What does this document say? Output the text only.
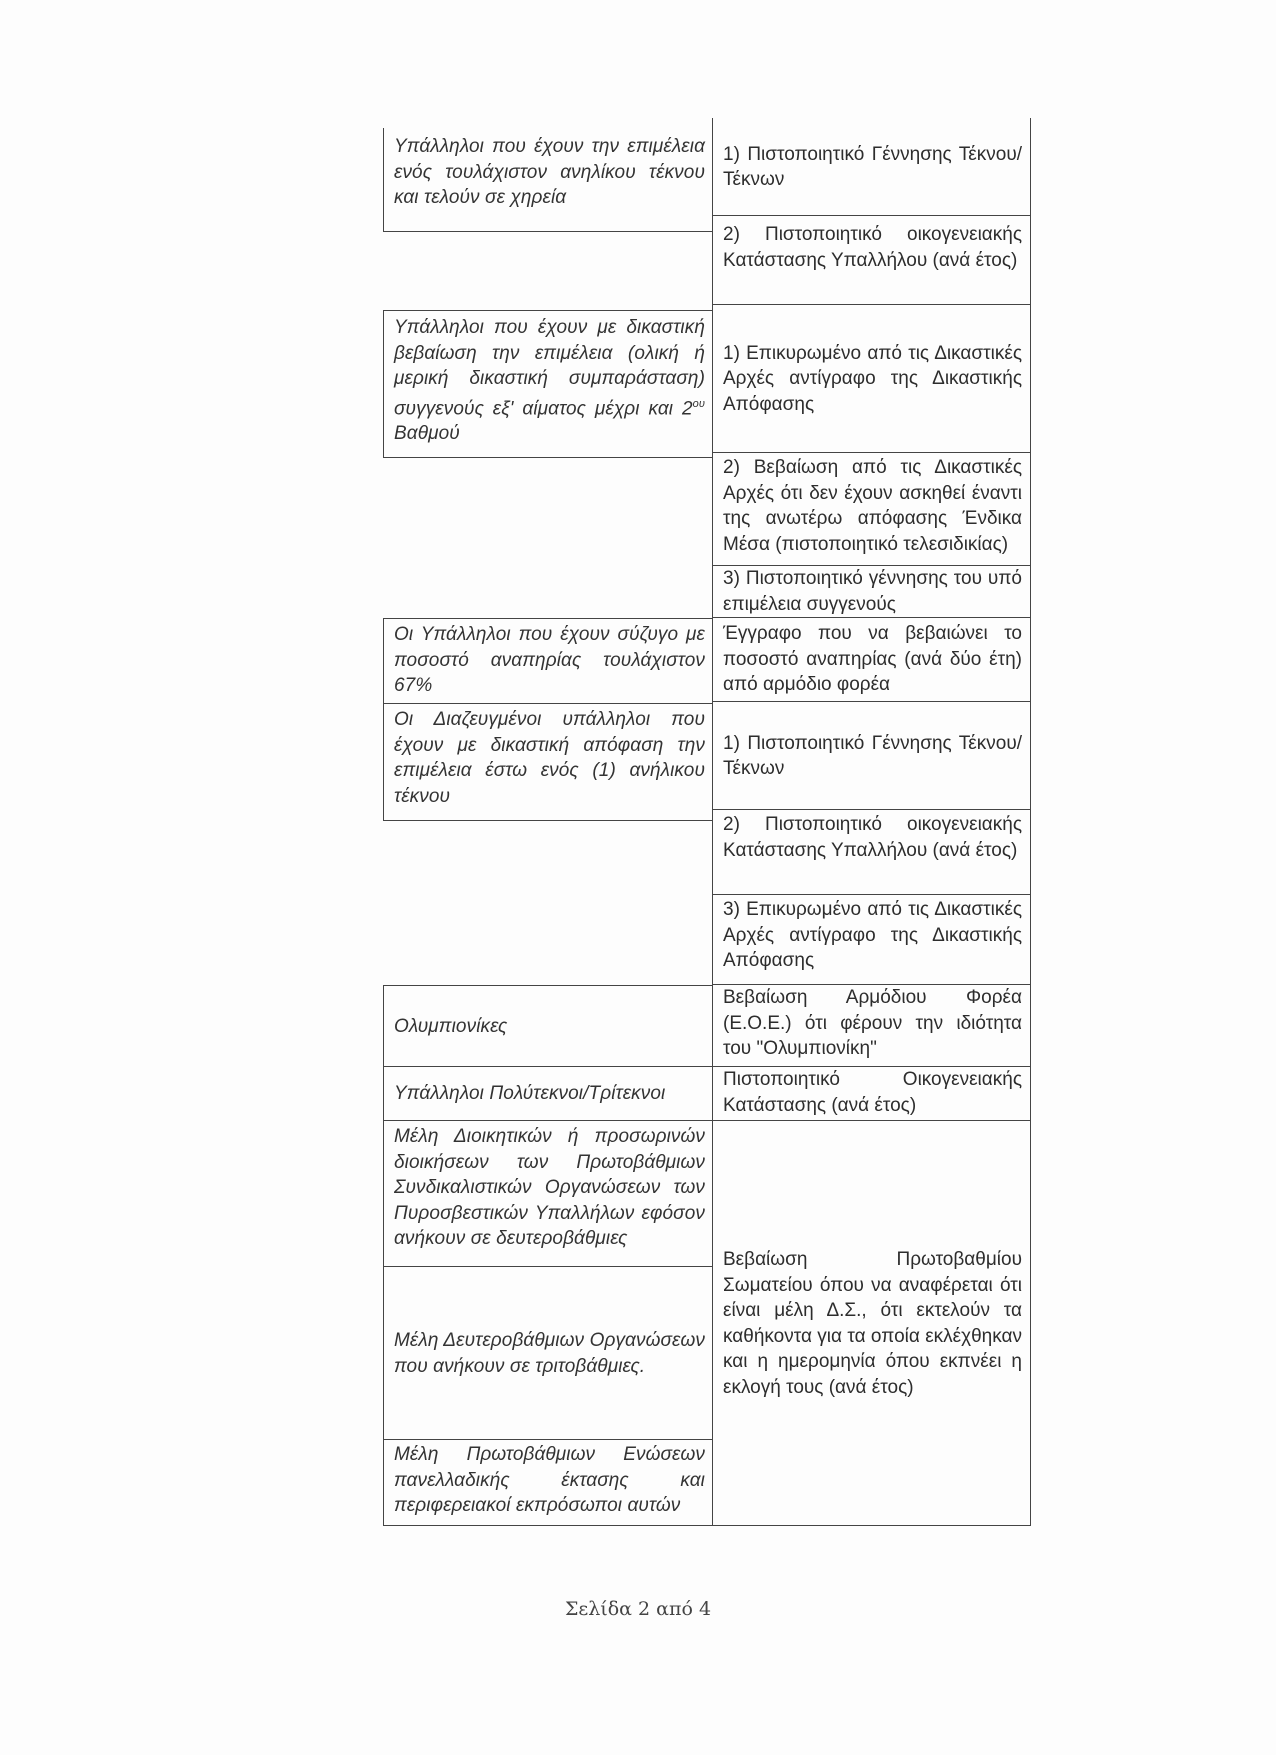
Υπάλληλοι που έχουν την επιμέλεια ενός τουλάχιστον ανηλίκου τέκνου και τελούν σε χηρεία
1) Πιστοποιητικό Γέννησης Τέκνου/Τέκνων
2) Πιστοποιητικό οικογενειακής Κατάστασης Υπαλλήλου (ανά έτος)
Υπάλληλοι που έχουν με δικαστική βεβαίωση την επιμέλεια (ολική ή μερική δικαστική συμπαράσταση) συγγενούς εξ' αίματος μέχρι και $2^{o\upsilon}$ Βαθμού
1) Επικυρωμένο από τις Δικαστικές Αρχές αντίγραφο της Δικαστικής Απόφασης
2) Βεβαίωση από τις Δικαστικές Αρχές ότι δεν έχουν ασκηθεί έναντι της ανωτέρω απόφασης Ένδικα Μέσα (πιστοποιητικό τελεσιδικίας)
3) Πιστοποιητικό γέννησης του υπό επιμέλεια συγγενούς
Οι Υπάλληλοι που έχουν σύζυγο με ποσοστό αναπηρίας τουλάχιστον 67%
Έγγραφο που να βεβαιώνει το ποσοστό αναπηρίας (ανά δύο έτη) από αρμόδιο φορέα
Οι Διαζευγμένοι υπάλληλοι που έχουν με δικαστική απόφαση την επιμέλεια έστω ενός (1) ανήλικου τέκνου
1) Πιστοποιητικό Γέννησης Τέκνου/Τέκνων
2) Πιστοποιητικό οικογενειακής Κατάστασης Υπαλλήλου (ανά έτος)
3) Επικυρωμένο από τις Δικαστικές Αρχές αντίγραφο της Δικαστικής Απόφασης
Ολυμπιονίκες
Βεβαίωση Αρμόδιου Φορέα (Ε.Ο.Ε.) ότι φέρουν την ιδιότητα του "Ολυμπιονίκη"
Υπάλληλοι Πολύτεκνοι/Τρίτεκνοι
Πιστοποιητικό Οικογενειακής Κατάστασης (ανά έτος)
Μέλη Διοικητικών ή προσωρινών διοικήσεων των Πρωτοβάθμιων Συνδικαλιστικών Οργανώσεων των Πυροσβεστικών Υπαλλήλων εφόσον ανήκουν σε δευτεροβάθμιες
Μέλη Δευτεροβάθμιων Οργανώσεων που ανήκουν σε τριτοβάθμιες.
Μέλη Πρωτοβάθμιων Ενώσεων πανελλαδικής έκτασης και περιφερειακοί εκπρόσωποι αυτών
Βεβαίωση Πρωτοβαθμίου Σωματείου όπου να αναφέρεται ότι είναι μέλη Δ.Σ., ότι εκτελούν τα καθήκοντα για τα οποία εκλέχθηκαν και η ημερομηνία όπου εκπνέει η εκλογή τους (ανά έτος)
Σελίδα 2 από 4
